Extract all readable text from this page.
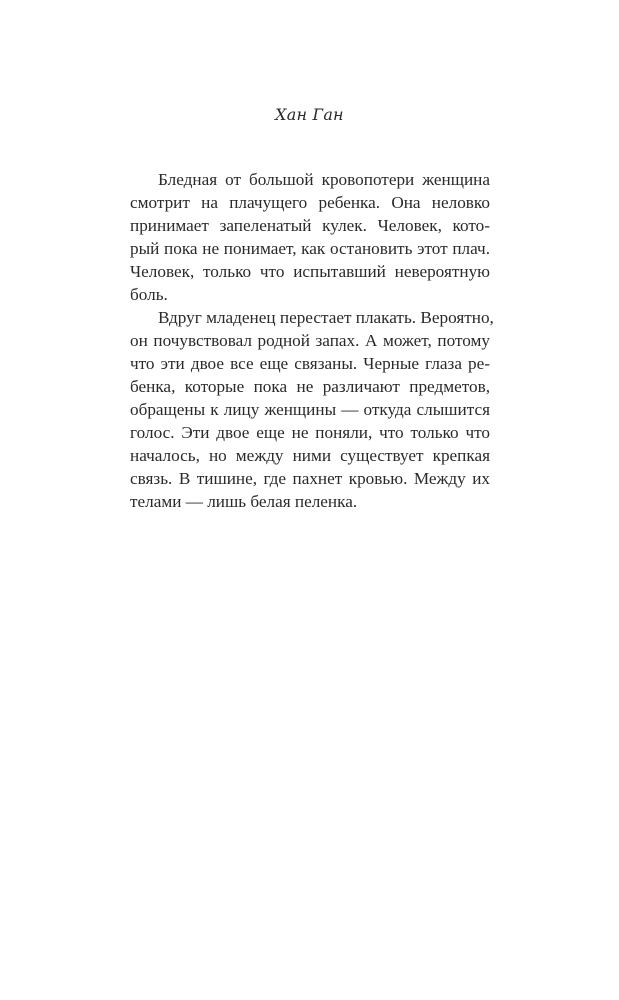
Хан Ган
Бледная от большой кровопотери женщина
смотрит на плачущего ребенка. Она неловко
принимает запеленатый кулек. Человек, кото-
рый пока не понимает, как остановить этот плач.
Человек, только что испытавший невероятную
боль.
Вдруг младенец перестает плакать. Вероятно,
он почувствовал родной запах. А может, потому
что эти двое все еще связаны. Черные глаза ре-
бенка, которые пока не различают предметов,
обращены к лицу женщины — откуда слышится
голос. Эти двое еще не поняли, что только что
началось, но между ними существует крепкая
связь. В тишине, где пахнет кровью. Между их
телами — лишь белая пеленка.
